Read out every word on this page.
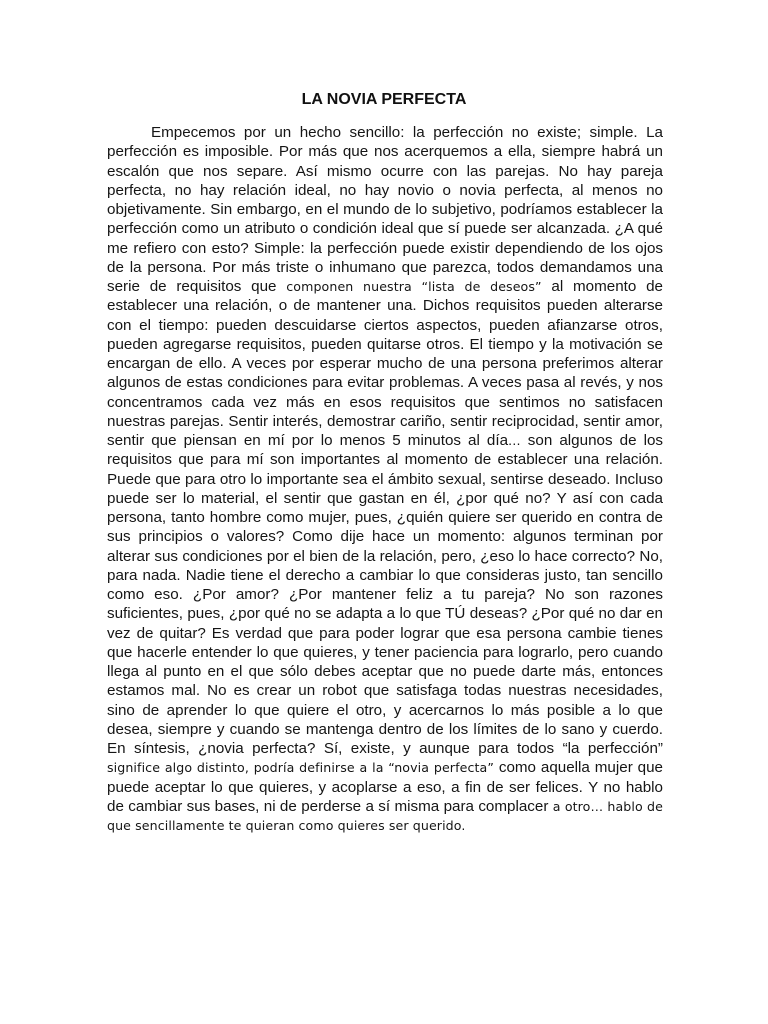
LA NOVIA PERFECTA

Empecemos por un hecho sencillo: la perfección no existe; simple. La perfección es imposible. Por más que nos acerquemos a ella, siempre habrá un escalón que nos separe. Así mismo ocurre con las parejas. No hay pareja perfecta, no hay relación ideal, no hay novio o novia perfecta, al menos no objetivamente. Sin embargo, en el mundo de lo subjetivo, podríamos establecer la perfección como un atributo o condición ideal que sí puede ser alcanzada. ¿A qué me refiero con esto? Simple: la perfección puede existir dependiendo de los ojos de la persona. Por más triste o inhumano que parezca, todos demandamos una serie de requisitos que componen nuestra “lista de deseos” al momento de establecer una relación, o de mantener una. Dichos requisitos pueden alterarse con el tiempo: pueden descuidarse ciertos aspectos, pueden afianzarse otros, pueden agregarse requisitos, pueden quitarse otros. El tiempo y la motivación se encargan de ello. A veces por esperar mucho de una persona preferimos alterar algunos de estas condiciones para evitar problemas. A veces pasa al revés, y nos concentramos cada vez más en esos requisitos que sentimos no satisfacen nuestras parejas. Sentir interés, demostrar cariño, sentir reciprocidad, sentir amor, sentir que piensan en mí por lo menos 5 minutos al día… son algunos de los requisitos que para mí son importantes al momento de establecer una relación. Puede que para otro lo importante sea el ámbito sexual, sentirse deseado. Incluso puede ser lo material, el sentir que gastan en él, ¿por qué no? Y así con cada persona, tanto hombre como mujer, pues, ¿quién quiere ser querido en contra de sus principios o valores? Como dije hace un momento: algunos terminan por alterar sus condiciones por el bien de la relación, pero, ¿eso lo hace correcto? No, para nada. Nadie tiene el derecho a cambiar lo que consideras justo, tan sencillo como eso. ¿Por amor? ¿Por mantener feliz a tu pareja? No son razones suficientes, pues, ¿por qué no se adapta a lo que TÚ deseas? ¿Por qué no dar en vez de quitar? Es verdad que para poder lograr que esa persona cambie tienes que hacerle entender lo que quieres, y tener paciencia para lograrlo, pero cuando llega al punto en el que sólo debes aceptar que no puede darte más, entonces estamos mal. No es crear un robot que satisfaga todas nuestras necesidades, sino de aprender lo que quiere el otro, y acercarnos lo más posible a lo que desea, siempre y cuando se mantenga dentro de los límites de lo sano y cuerdo. En síntesis, ¿novia perfecta? Sí, existe, y aunque para todos “la perfección” significe algo distinto, podría definirse a la “novia perfecta” como aquella mujer que puede aceptar lo que quieres, y acoplarse a eso, a fin de ser felices. Y no hablo de cambiar sus bases, ni de perderse a sí misma para complacer a otro… hablo de que sencillamente te quieran como quieres ser querido.
